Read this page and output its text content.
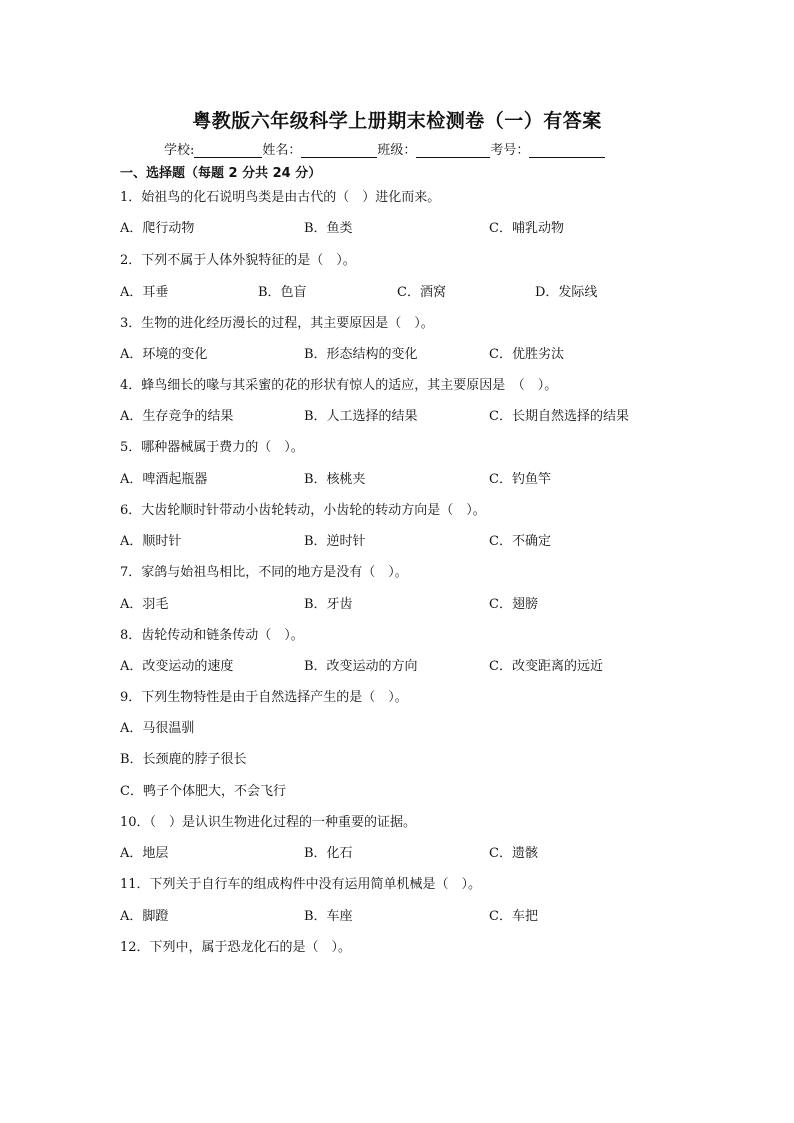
粤教版六年级科学上册期末检测卷（一）有答案
学校:	姓名：	班级：	考号：
一、选择题（每题 2 分共 24 分）
1．始祖鸟的化石说明鸟类是由古代的（　）进化而来。
A．爬行动物	B．鱼类	C．哺乳动物
2．下列不属于人体外貌特征的是（　）。
A．耳垂	B．色盲	C．酒窝	D．发际线
3．生物的进化经历漫长的过程，其主要原因是（　）。
A．环境的变化	B．形态结构的变化	C．优胜劣汰
4．蜂鸟细长的喙与其采蜜的花的形状有惊人的适应，其主要原因是　（　）。
A．生存竞争的结果	B．人工选择的结果	C．长期自然选择的结果
5．哪种器械属于费力的（　）。
A．啤酒起瓶器	B．核桃夹	C．钓鱼竿
6．大齿轮顺时针带动小齿轮转动，小齿轮的转动方向是（　）。
A．顺时针	B．逆时针	C．不确定
7．家鸽与始祖鸟相比，不同的地方是没有（　）。
A．羽毛	B．牙齿	C．翅膀
8．齿轮传动和链条传动（　）。
A．改变运动的速度	B．改变运动的方向	C．改变距离的远近
9．下列生物特性是由于自然选择产生的是（　）。
A．马很温驯
B．长颈鹿的脖子很长
C．鸭子个体肥大，不会飞行
10．（　）是认识生物进化过程的一种重要的证据。
A．地层	B．化石	C．遗骸
11．下列关于自行车的组成构件中没有运用简单机械是（　）。
A．脚蹬	B．车座	C．车把
12．下列中，属于恐龙化石的是（　）。
